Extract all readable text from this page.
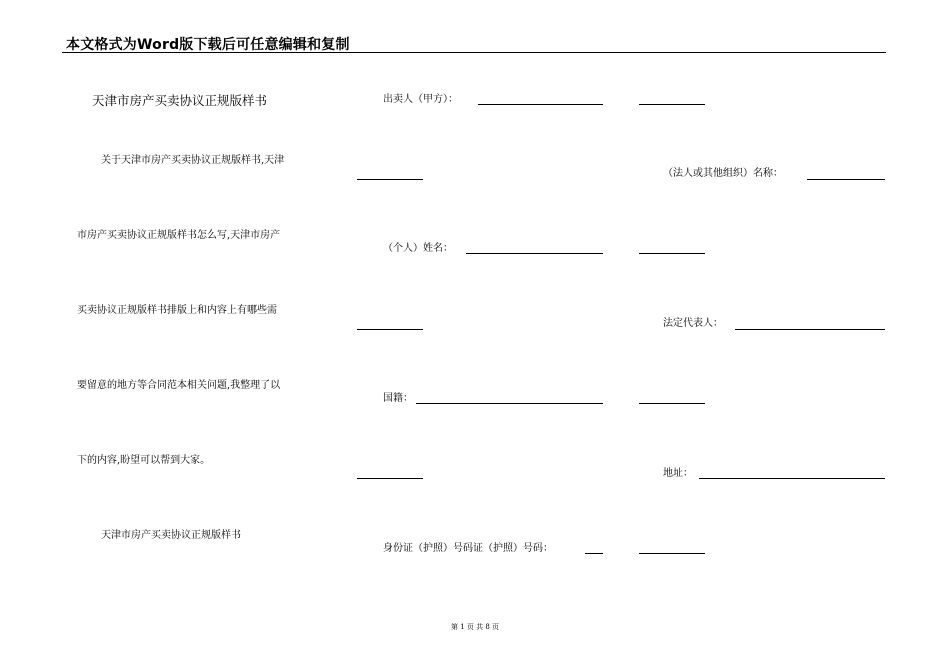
本文格式为Word版下载后可任意编辑和复制
天津市房产买卖协议正规版样书
关于天津市房产买卖协议正规版样书,天津
市房产买卖协议正规版样书怎么写,天津市房产
买卖协议正规版样书排版上和内容上有哪些需
要留意的地方等合同范本相关问题,我整理了以
下的内容,盼望可以帮到大家。
天津市房产买卖协议正规版样书
出卖人（甲方）：
（法人或其他组织）名称：
（个人）姓名：
法定代表人：
国籍：
地址：
身份证（护照）号码证（护照）号码：
第 1 页 共 8 页
